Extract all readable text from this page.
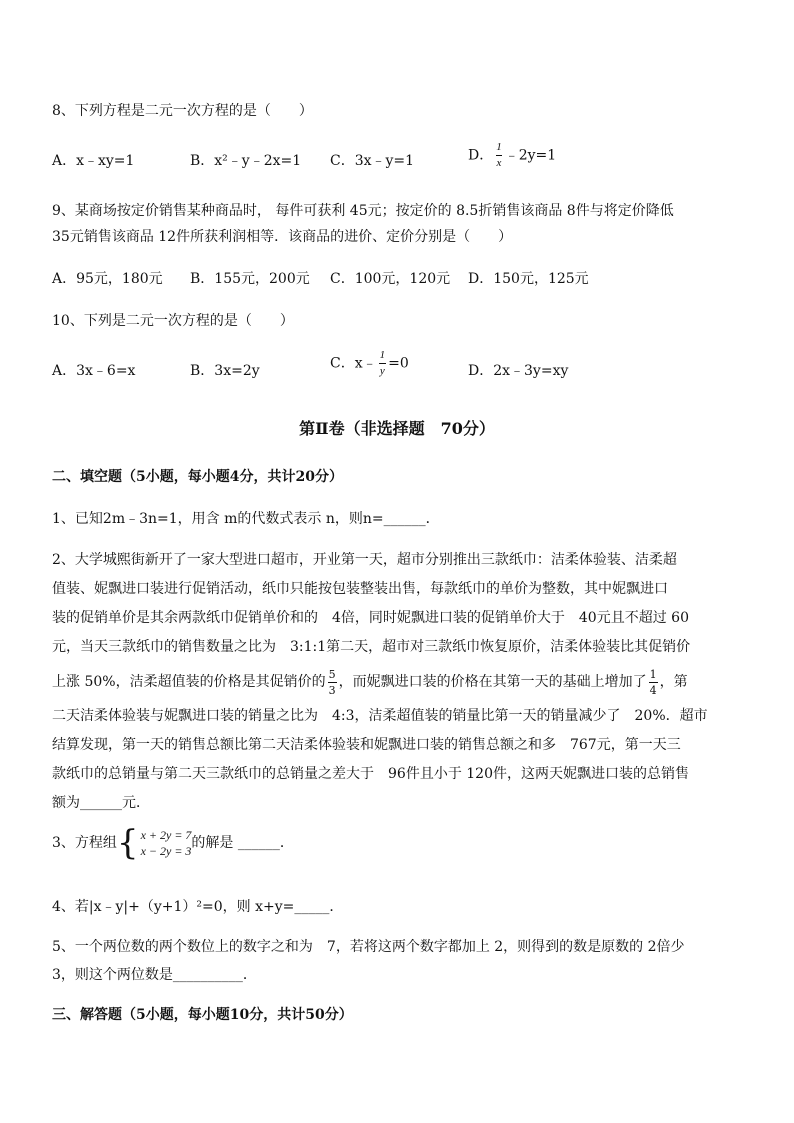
8、下列方程是二元一次方程的是（　　）
A．x﹣xy=1	B．x²﹣y﹣2x=1 C．3x﹣y=1	D． $\frac{1}{x}$ ﹣2y=1
9、某商场按定价销售某种商品时， 每件可获利 45元；按定价的 8.5折销售该商品 8件与将定价降低
35元销售该商品 12件所获利润相等．该商品的进价、定价分别是（　　）
A．95元，180元 B．155元，200元 C．100元，120元 D．150元，125元
10、下列是二元一次方程的是（　　）
A．3x﹣6=x	B．3x=2y	C．x﹣ $\frac{1}{y} =0$	D．2x﹣3y=xy
第Ⅱ卷（非选择题　70分）
二、填空题（5小题，每小题4分，共计20分）
1、已知2m﹣3n=1，用含 m的代数式表示 n，则n=______．
2、大学城熙街新开了一家大型进口超市，开业第一天，超市分别推出三款纸巾：洁柔体验装、洁柔超
值装、妮飘进口装进行促销活动，纸巾只能按包装整装出售，每款纸巾的单价为整数，其中妮飘进口
装的促销单价是其余两款纸巾促销单价和的　4倍，同时妮飘进口装的促销单价大于　40元且不超过 60
元，当天三款纸巾的销售数量之比为　3:1:1第二天，超市对三款纸巾恢复原价，洁柔体验装比其促销价
上涨 50%，洁柔超值装的价格是其促销价的 $\frac{5}{3}$ ，而妮飘进口装的价格在其第一天的基础上增加了 $\frac{1}{4}$ ，第
二天洁柔体验装与妮飘进口装的销量之比为　4:3，洁柔超值装的销量比第一天的销量减少了　20%．超市
结算发现，第一天的销售总额比第二天洁柔体验装和妮飘进口装的销售总额之和多　767元，第一天三
款纸巾的总销量与第二天三款纸巾的总销量之差大于　96件且小于 120件，这两天妮飘进口装的总销售
额为______元．
3、方程组 { x + 2y = 7
x − 2y = 3 的解是 ______．
4、若|x﹣y|+（y+1）²=0，则 x+y=_____．
5、一个两位数的两个数位上的数字之和为　7，若将这两个数字都加上 2，则得到的数是原数的 2倍少
3，则这个两位数是__________．
三、解答题（5小题，每小题10分，共计50分）
